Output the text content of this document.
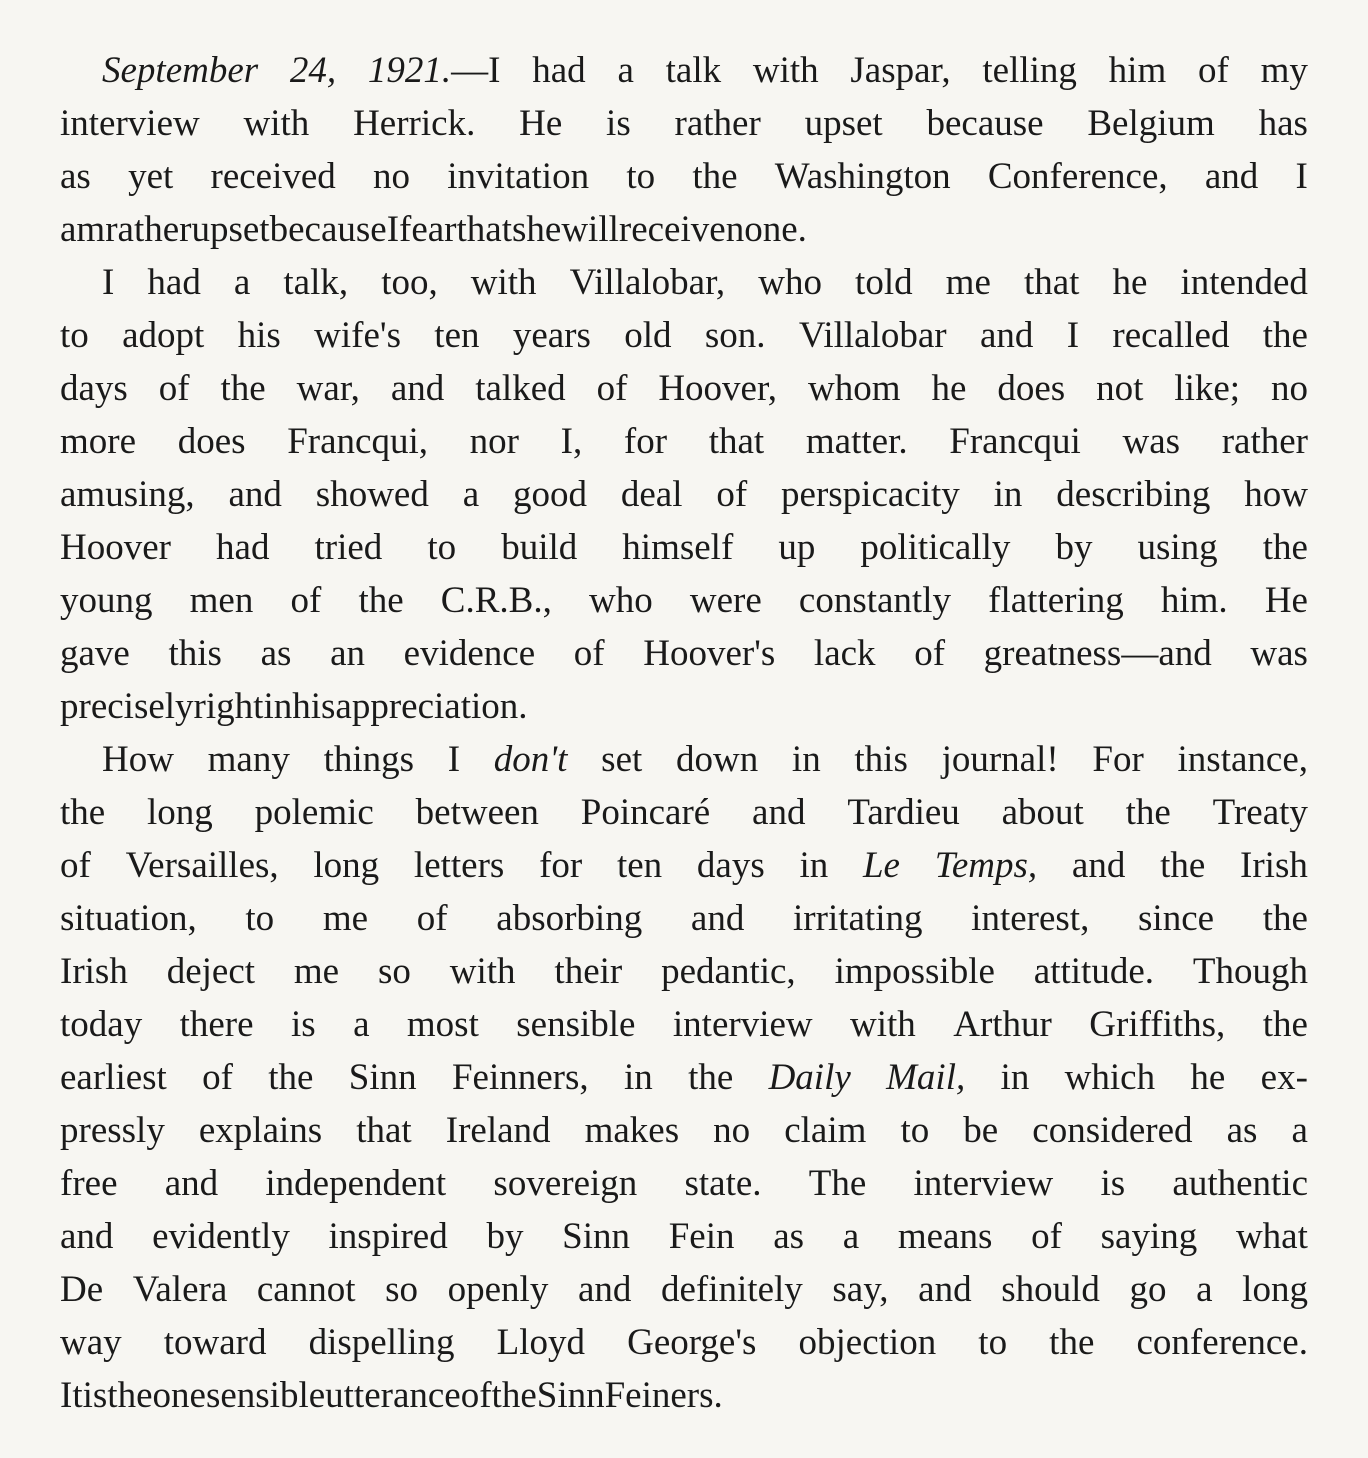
September 24, 1921.—I had a talk with Jaspar, telling him of my
interview with Herrick. He is rather upset because Belgium has
as yet received no invitation to the Washington Conference, and I
am rather upset because I fear that she will receive none.
I had a talk, too, with Villalobar, who told me that he intended
to adopt his wife's ten years old son. Villalobar and I recalled the
days of the war, and talked of Hoover, whom he does not like; no
more does Francqui, nor I, for that matter. Francqui was rather
amusing, and showed a good deal of perspicacity in describing how
Hoover had tried to build himself up politically by using the
young men of the C.R.B., who were constantly flattering him. He
gave this as an evidence of Hoover's lack of greatness—and was
precisely right in his appreciation.
How many things I don't set down in this journal! For instance,
the long polemic between Poincaré and Tardieu about the Treaty
of Versailles, long letters for ten days in Le Temps, and the Irish
situation, to me of absorbing and irritating interest, since the
Irish deject me so with their pedantic, impossible attitude. Though
today there is a most sensible interview with Arthur Griffiths, the
earliest of the Sinn Feinners, in the Daily Mail, in which he ex-
pressly explains that Ireland makes no claim to be considered as a
free and independent sovereign state. The interview is authentic
and evidently inspired by Sinn Fein as a means of saying what
De Valera cannot so openly and definitely say, and should go a long
way toward dispelling Lloyd George's objection to the conference.
It is the one sensible utterance of the Sinn Feiners.
